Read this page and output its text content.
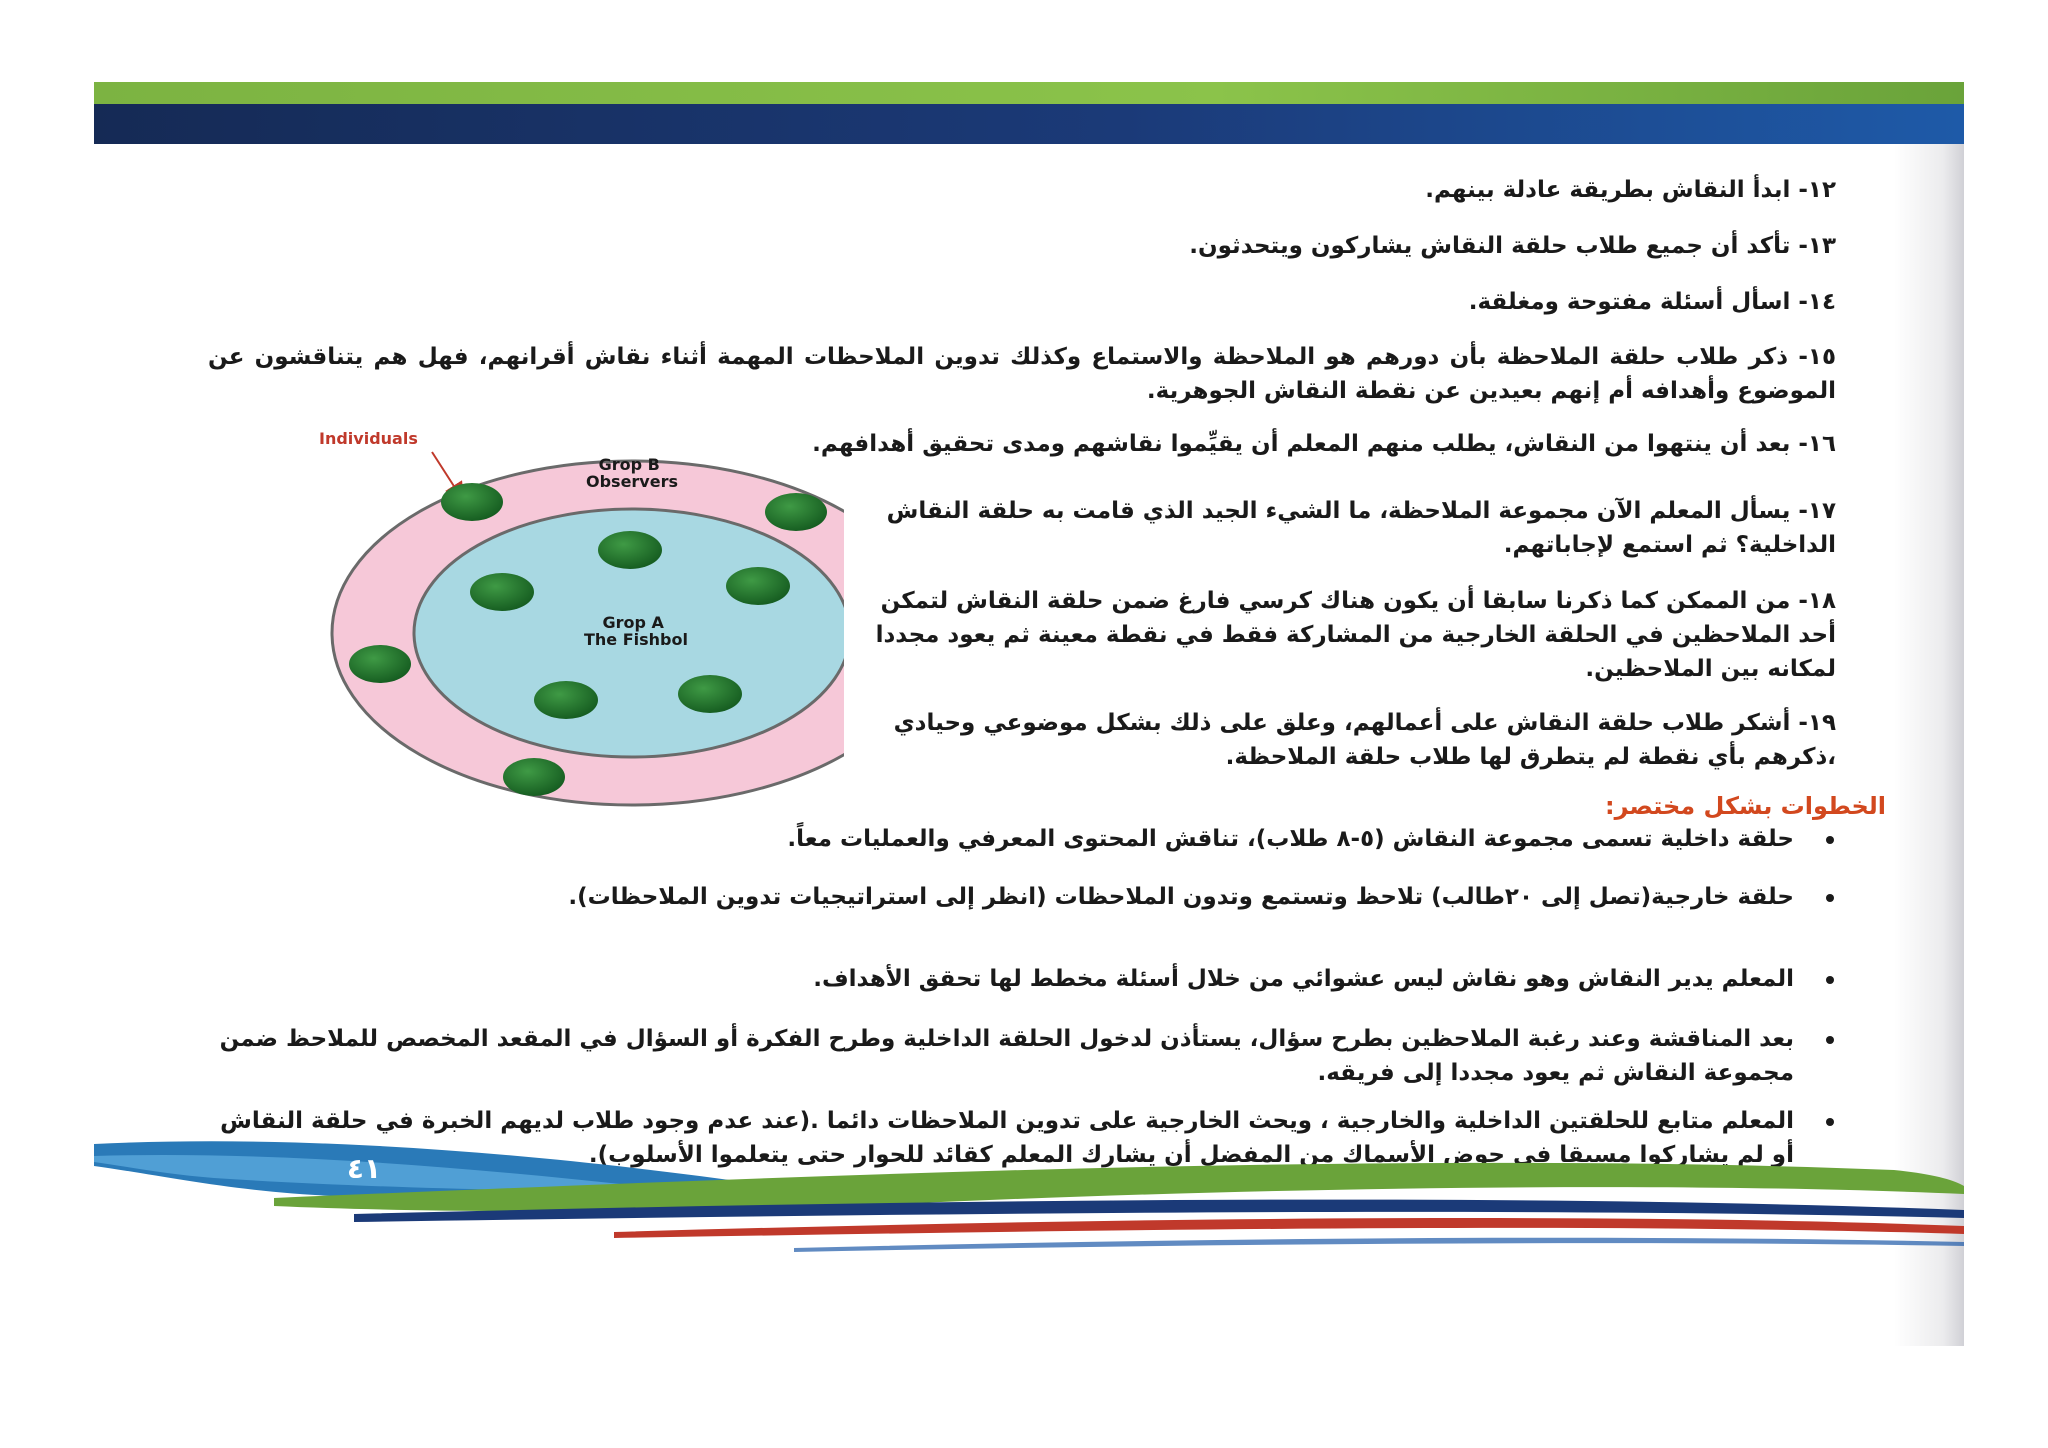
١٢- ابدأ النقاش بطريقة عادلة بينهم.

١٣- تأكد أن جميع طلاب حلقة النقاش يشاركون ويتحدثون.

١٤- اسأل أسئلة مفتوحة ومغلقة.

١٥- ذكر طلاب حلقة الملاحظة بأن دورهم هو الملاحظة والاستماع وكذلك تدوين الملاحظات المهمة أثناء نقاش أقرانهم، فهل هم يتناقشون عن الموضوع وأهدافه أم إنهم بعيدين عن نقطة النقاش الجوهرية.

١٦- بعد أن ينتهوا من النقاش، يطلب منهم المعلم أن يقيِّموا نقاشهم ومدى تحقيق أهدافهم.

١٧- يسأل المعلم الآن مجموعة الملاحظة، ما الشيء الجيد الذي قامت به حلقة النقاش الداخلية؟ ثم استمع لإجاباتهم.

١٨- من الممكن كما ذكرنا سابقا أن يكون هناك كرسي فارغ ضمن حلقة النقاش لتمكن أحد الملاحظين في الحلقة الخارجية من المشاركة فقط في نقطة معينة ثم يعود مجددا لمكانه بين الملاحظين.

١٩- أشكر طلاب حلقة النقاش على أعمالهم، وعلق على ذلك بشكل موضوعي وحيادي ،ذكرهم بأي نقطة لم يتطرق لها طلاب حلقة الملاحظة.

الخطوات بشكل مختصر:
حلقة داخلية تسمى مجموعة النقاش (٥-٨ طلاب)، تناقش المحتوى المعرفي والعمليات معاً.
حلقة خارجية(تصل إلى ٢٠طالب) تلاحظ وتستمع وتدون الملاحظات (انظر إلى استراتيجيات تدوين الملاحظات).
المعلم يدير النقاش وهو نقاش ليس عشوائي من خلال أسئلة مخطط لها تحقق الأهداف.
بعد المناقشة وعند رغبة الملاحظين بطرح سؤال، يستأذن لدخول الحلقة الداخلية وطرح الفكرة أو السؤال في المقعد المخصص للملاحظ ضمن مجموعة النقاش ثم يعود مجددا إلى فريقه.
المعلم متابع للحلقتين الداخلية والخارجية ، ويحث الخارجية على تدوين الملاحظات دائما .(عند عدم وجود طلاب لديهم الخبرة في حلقة النقاش أو لم يشاركوا مسبقا في حوض الأسماك من المفضل أن يشارك المعلم كقائد للحوار حتى يتعلموا الأسلوب).
Individuals
Grop B Observers
Grop A The Fishbol
٤١
